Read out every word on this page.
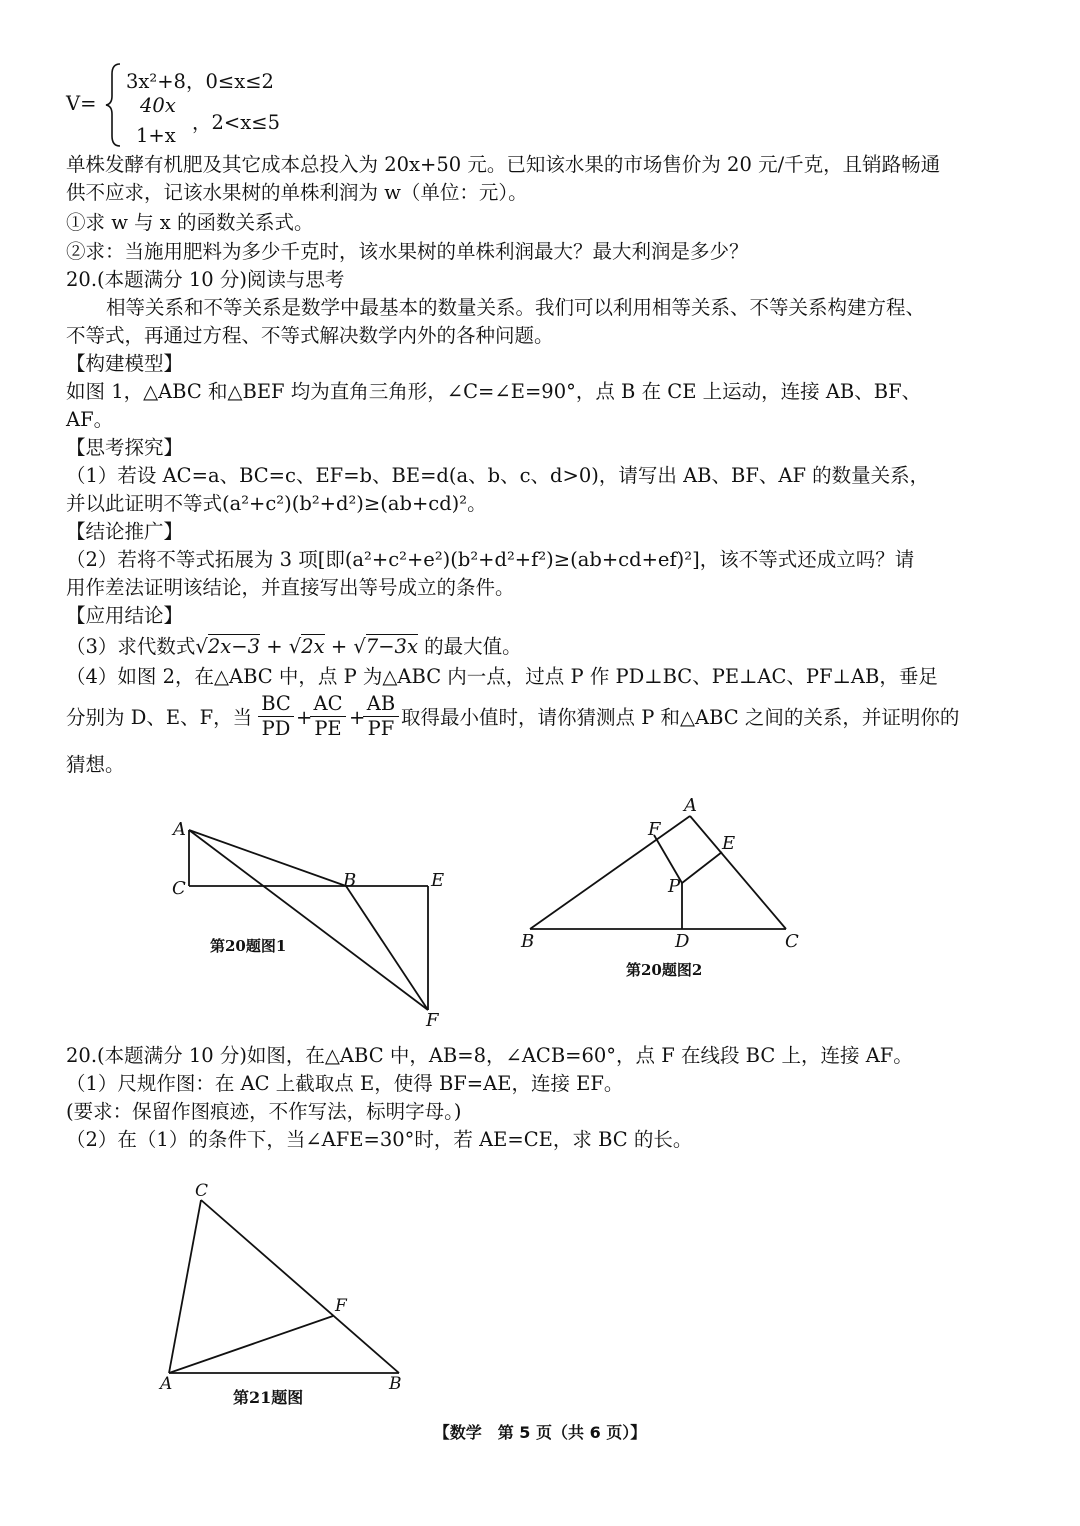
V=
3x²+8，0≤x≤2
40x
，2<x≤5
1+x
单株发酵有机肥及其它成本总投入为 20x+50 元。已知该水果的市场售价为 20 元/千克，且销路畅通
供不应求，记该水果树的单株利润为 w（单位：元）。
①求 w 与 x 的函数关系式。
②求：当施用肥料为多少千克时，该水果树的单株利润最大？最大利润是多少？
20.(本题满分 10 分)阅读与思考
相等关系和不等关系是数学中最基本的数量关系。我们可以利用相等关系、不等关系构建方程、
不等式，再通过方程、不等式解决数学内外的各种问题。
【构建模型】
如图 1，△ABC 和△BEF 均为直角三角形，∠C=∠E=90°，点 B 在 CE 上运动，连接 AB、BF、
AF。
【思考探究】
（1）若设 AC=a、BC=c、EF=b、BE=d(a、b、c、d>0)，请写出 AB、BF、AF 的数量关系，
并以此证明不等式(a²+c²)(b²+d²)≥(ab+cd)²。
【结论推广】
（2）若将不等式拓展为 3 项[即(a²+c²+e²)(b²+d²+f²)≥(ab+cd+ef)²]，该不等式还成立吗？请
用作差法证明该结论，并直接写出等号成立的条件。
【应用结论】
（3）求代数式√2x−3 + √2x + √7−3x 的最大值。
（4）如图 2，在△ABC 中，点 P 为△ABC 内一点，过点 P 作 PD⊥BC、PE⊥AC、PF⊥AB，垂足
分别为 D、E、F，当
BC
PD +
AC
PE +
AB
PF 取得最小值时，请你猜测点 P 和△ABC 之间的关系，并证明你的
猜想。
A
C	B	E
F
第20题图1
A
F
E
P
B	D	C
第20题图2
C
F
A	B
第21题图
20.(本题满分 10 分)如图，在△ABC 中，AB=8，∠ACB=60°，点 F 在线段 BC 上，连接 AF。
（1）尺规作图：在 AC 上截取点 E，使得 BF=AE，连接 EF。
(要求：保留作图痕迹，不作写法，标明字母。)
（2）在（1）的条件下，当∠AFE=30°时，若 AE=CE，求 BC 的长。
【数学　第 5 页（共 6 页）】
